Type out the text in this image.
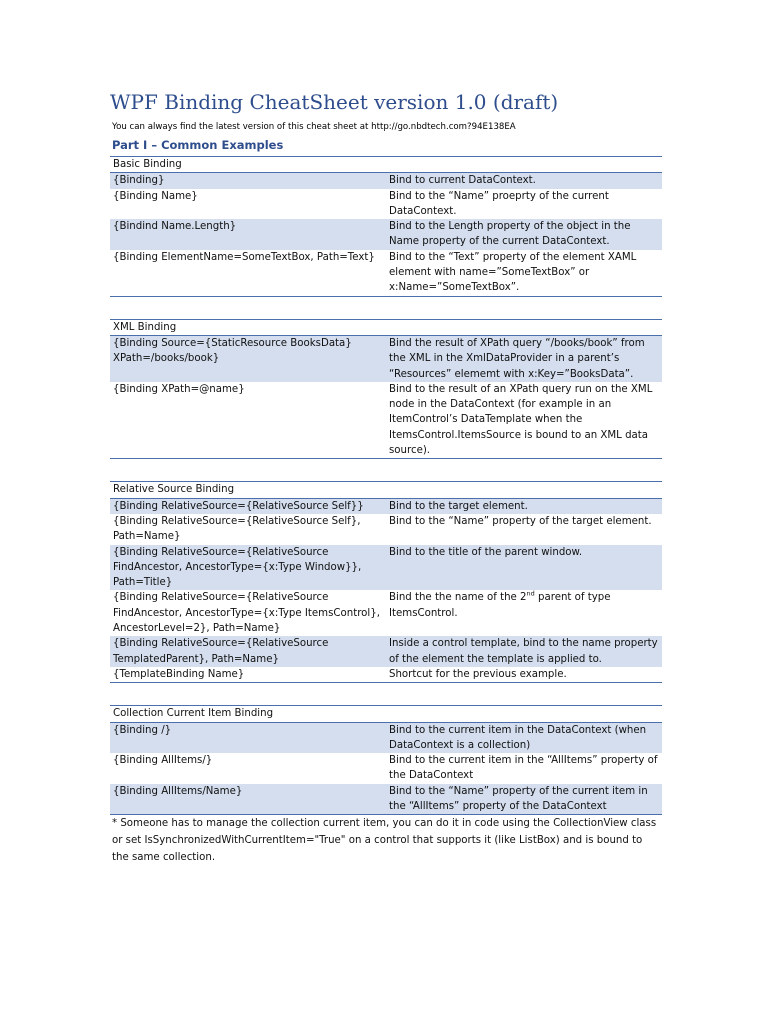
WPF Binding CheatSheet version 1.0 (draft)
You can always find the latest version of this cheat sheet at http://go.nbdtech.com?94E138EA
Part I – Common Examples
Basic Binding	
{Binding}	Bind to current DataContext.
{Binding Name}	Bind to the “Name” proeprty of the current DataContext.
{Bindind Name.Length}	Bind to the Length property of the object in the Name property of the current DataContext.
{Binding ElementName=SomeTextBox, Path=Text}	Bind to the “Text” property of the element XAML element with name=”SomeTextBox” or x:Name=”SomeTextBox”.

XML Binding	
{Binding Source={StaticResource BooksData} XPath=/books/book}	Bind the result of XPath query “/books/book” from the XML in the XmlDataProvider in a parent’s “Resources” elememt with x:Key=”BooksData”.
{Binding XPath=@name}	Bind to the result of an XPath query run on the XML node in the DataContext (for example in an ItemControl’s DataTemplate when the ItemsControl.ItemsSource is bound to an XML data source).

Relative Source Binding	
{Binding RelativeSource={RelativeSource Self}}	Bind to the target element.
{Binding RelativeSource={RelativeSource Self}, Path=Name}	Bind to the “Name” property of the target element.
{Binding RelativeSource={RelativeSource FindAncestor, AncestorType={x:Type Window}}, Path=Title}	Bind to the title of the parent window.
{Binding RelativeSource={RelativeSource FindAncestor, AncestorType={x:Type ItemsControl}, AncestorLevel=2}, Path=Name}	Bind the the name of the 2nd parent of type ItemsControl.
{Binding RelativeSource={RelativeSource TemplatedParent}, Path=Name}	Inside a control template, bind to the name property of the element the template is applied to.
{TemplateBinding Name}	Shortcut for the previous example.

Collection Current Item Binding	
{Binding /}	Bind to the current item in the DataContext (when DataContext is a collection)
{Binding AllItems/}	Bind to the current item in the “AllItems” property of the DataContext
{Binding AllItems/Name}	Bind to the “Name” property of the current item in the “AllItems” property of the DataContext
* Someone has to manage the collection current item, you can do it in code using the CollectionView class or set IsSynchronizedWithCurrentItem="True" on a control that supports it (like ListBox) and is bound to the same collection.
